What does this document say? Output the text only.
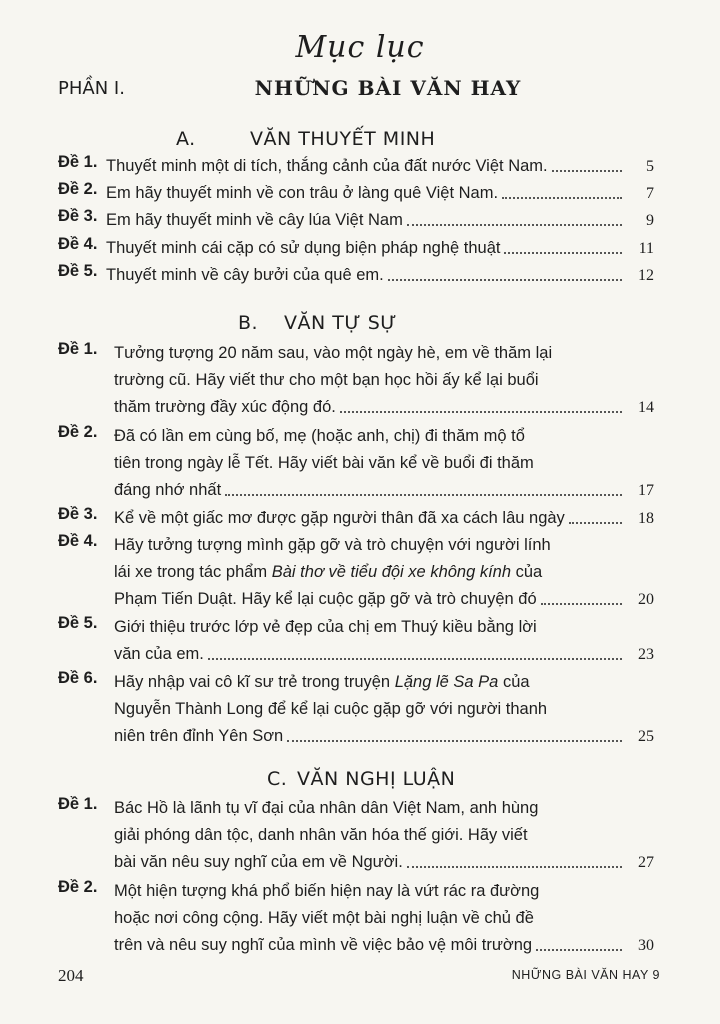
Mục lục
PHẦN I.	NHỮNG BÀI VĂN HAY
A.	VĂN THUYẾT MINH
Đề 1. Thuyết minh một di tích, thắng cảnh của đất nước Việt Nam.	5
Đề 2. Em hãy thuyết minh về con trâu ở làng quê Việt Nam.	7
Đề 3. Em hãy thuyết minh về cây lúa Việt Nam	9
Đề 4. Thuyết minh cái cặp có sử dụng biện pháp nghệ thuật	11
Đề 5. Thuyết minh về cây bưởi của quê em.	12
B. VĂN TỰ SỰ
Đề 1. Tưởng tượng 20 năm sau, vào một ngày hè, em về thăm lại
trường cũ. Hãy viết thư cho một bạn học hồi ấy kể lại buổi
thăm trường đầy xúc động đó.	14
Đề 2. Đã có lần em cùng bố, mẹ (hoặc anh, chị) đi thăm mộ tổ
tiên trong ngày lễ Tết. Hãy viết bài văn kể về buổi đi thăm
đáng nhớ nhất	17
Đề 3. Kể về một giấc mơ được gặp người thân đã xa cách lâu ngày	18
Đề 4. Hãy tưởng tượng mình gặp gỡ và trò chuyện với người lính
lái xe trong tác phẩm Bài thơ về tiểu đội xe không kính của
Phạm Tiến Duật. Hãy kể lại cuộc gặp gỡ và trò chuyện đó	20
Đề 5. Giới thiệu trước lớp vẻ đẹp của chị em Thuý kiều bằng lời
văn của em.	23
Đề 6. Hãy nhập vai cô kĩ sư trẻ trong truyện Lặng lẽ Sa Pa của
Nguyễn Thành Long để kể lại cuộc gặp gỡ với người thanh
niên trên đỉnh Yên Sơn	25
C. VĂN NGHỊ LUẬN
Đề 1. Bác Hồ là lãnh tụ vĩ đại của nhân dân Việt Nam, anh hùng
giải phóng dân tộc, danh nhân văn hóa thế giới. Hãy viết
bài văn nêu suy nghĩ của em về Người.	27
Đề 2. Một hiện tượng khá phổ biến hiện nay là vứt rác ra đường
hoặc nơi công cộng. Hãy viết một bài nghị luận về chủ đề
trên và nêu suy nghĩ của mình về việc bảo vệ môi trường	30
204	NHỮNG BÀI VĂN HAY 9
